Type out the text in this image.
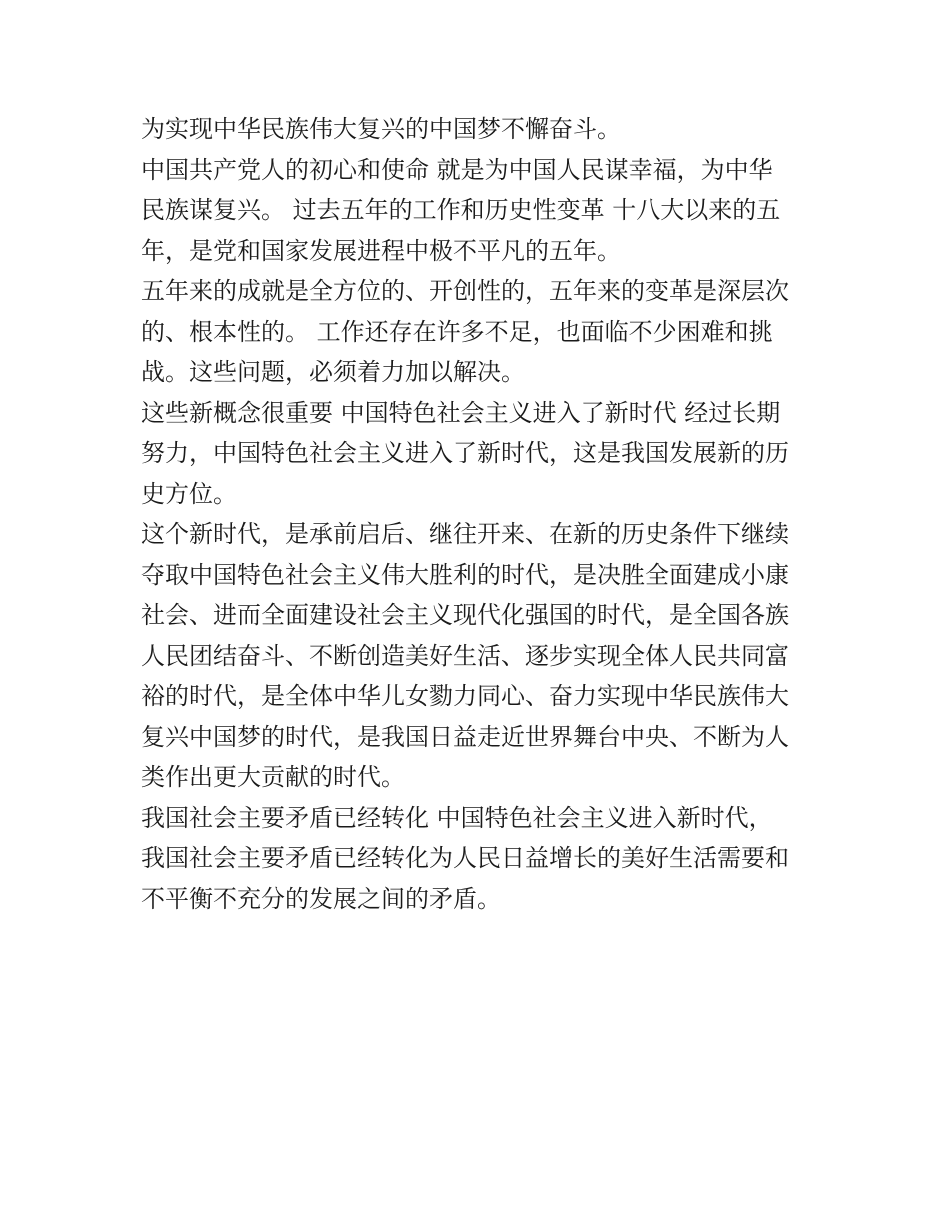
为实现中华民族伟大复兴的中国梦不懈奋斗。
中国共产党人的初心和使命 就是为中国人民谋幸福，为中华
民族谋复兴。 过去五年的工作和历史性变革 十八大以来的五
年，是党和国家发展进程中极不平凡的五年。
五年来的成就是全方位的、开创性的，五年来的变革是深层次
的、根本性的。 工作还存在许多不足，也面临不少困难和挑
战。这些问题，必须着力加以解决。
这些新概念很重要 中国特色社会主义进入了新时代 经过长期
努力，中国特色社会主义进入了新时代，这是我国发展新的历
史方位。
这个新时代，是承前启后、继往开来、在新的历史条件下继续
夺取中国特色社会主义伟大胜利的时代，是决胜全面建成小康
社会、进而全面建设社会主义现代化强国的时代，是全国各族
人民团结奋斗、不断创造美好生活、逐步实现全体人民共同富
裕的时代，是全体中华儿女勠力同心、奋力实现中华民族伟大
复兴中国梦的时代，是我国日益走近世界舞台中央、不断为人
类作出更大贡献的时代。
我国社会主要矛盾已经转化 中国特色社会主义进入新时代，
我国社会主要矛盾已经转化为人民日益增长的美好生活需要和
不平衡不充分的发展之间的矛盾。
